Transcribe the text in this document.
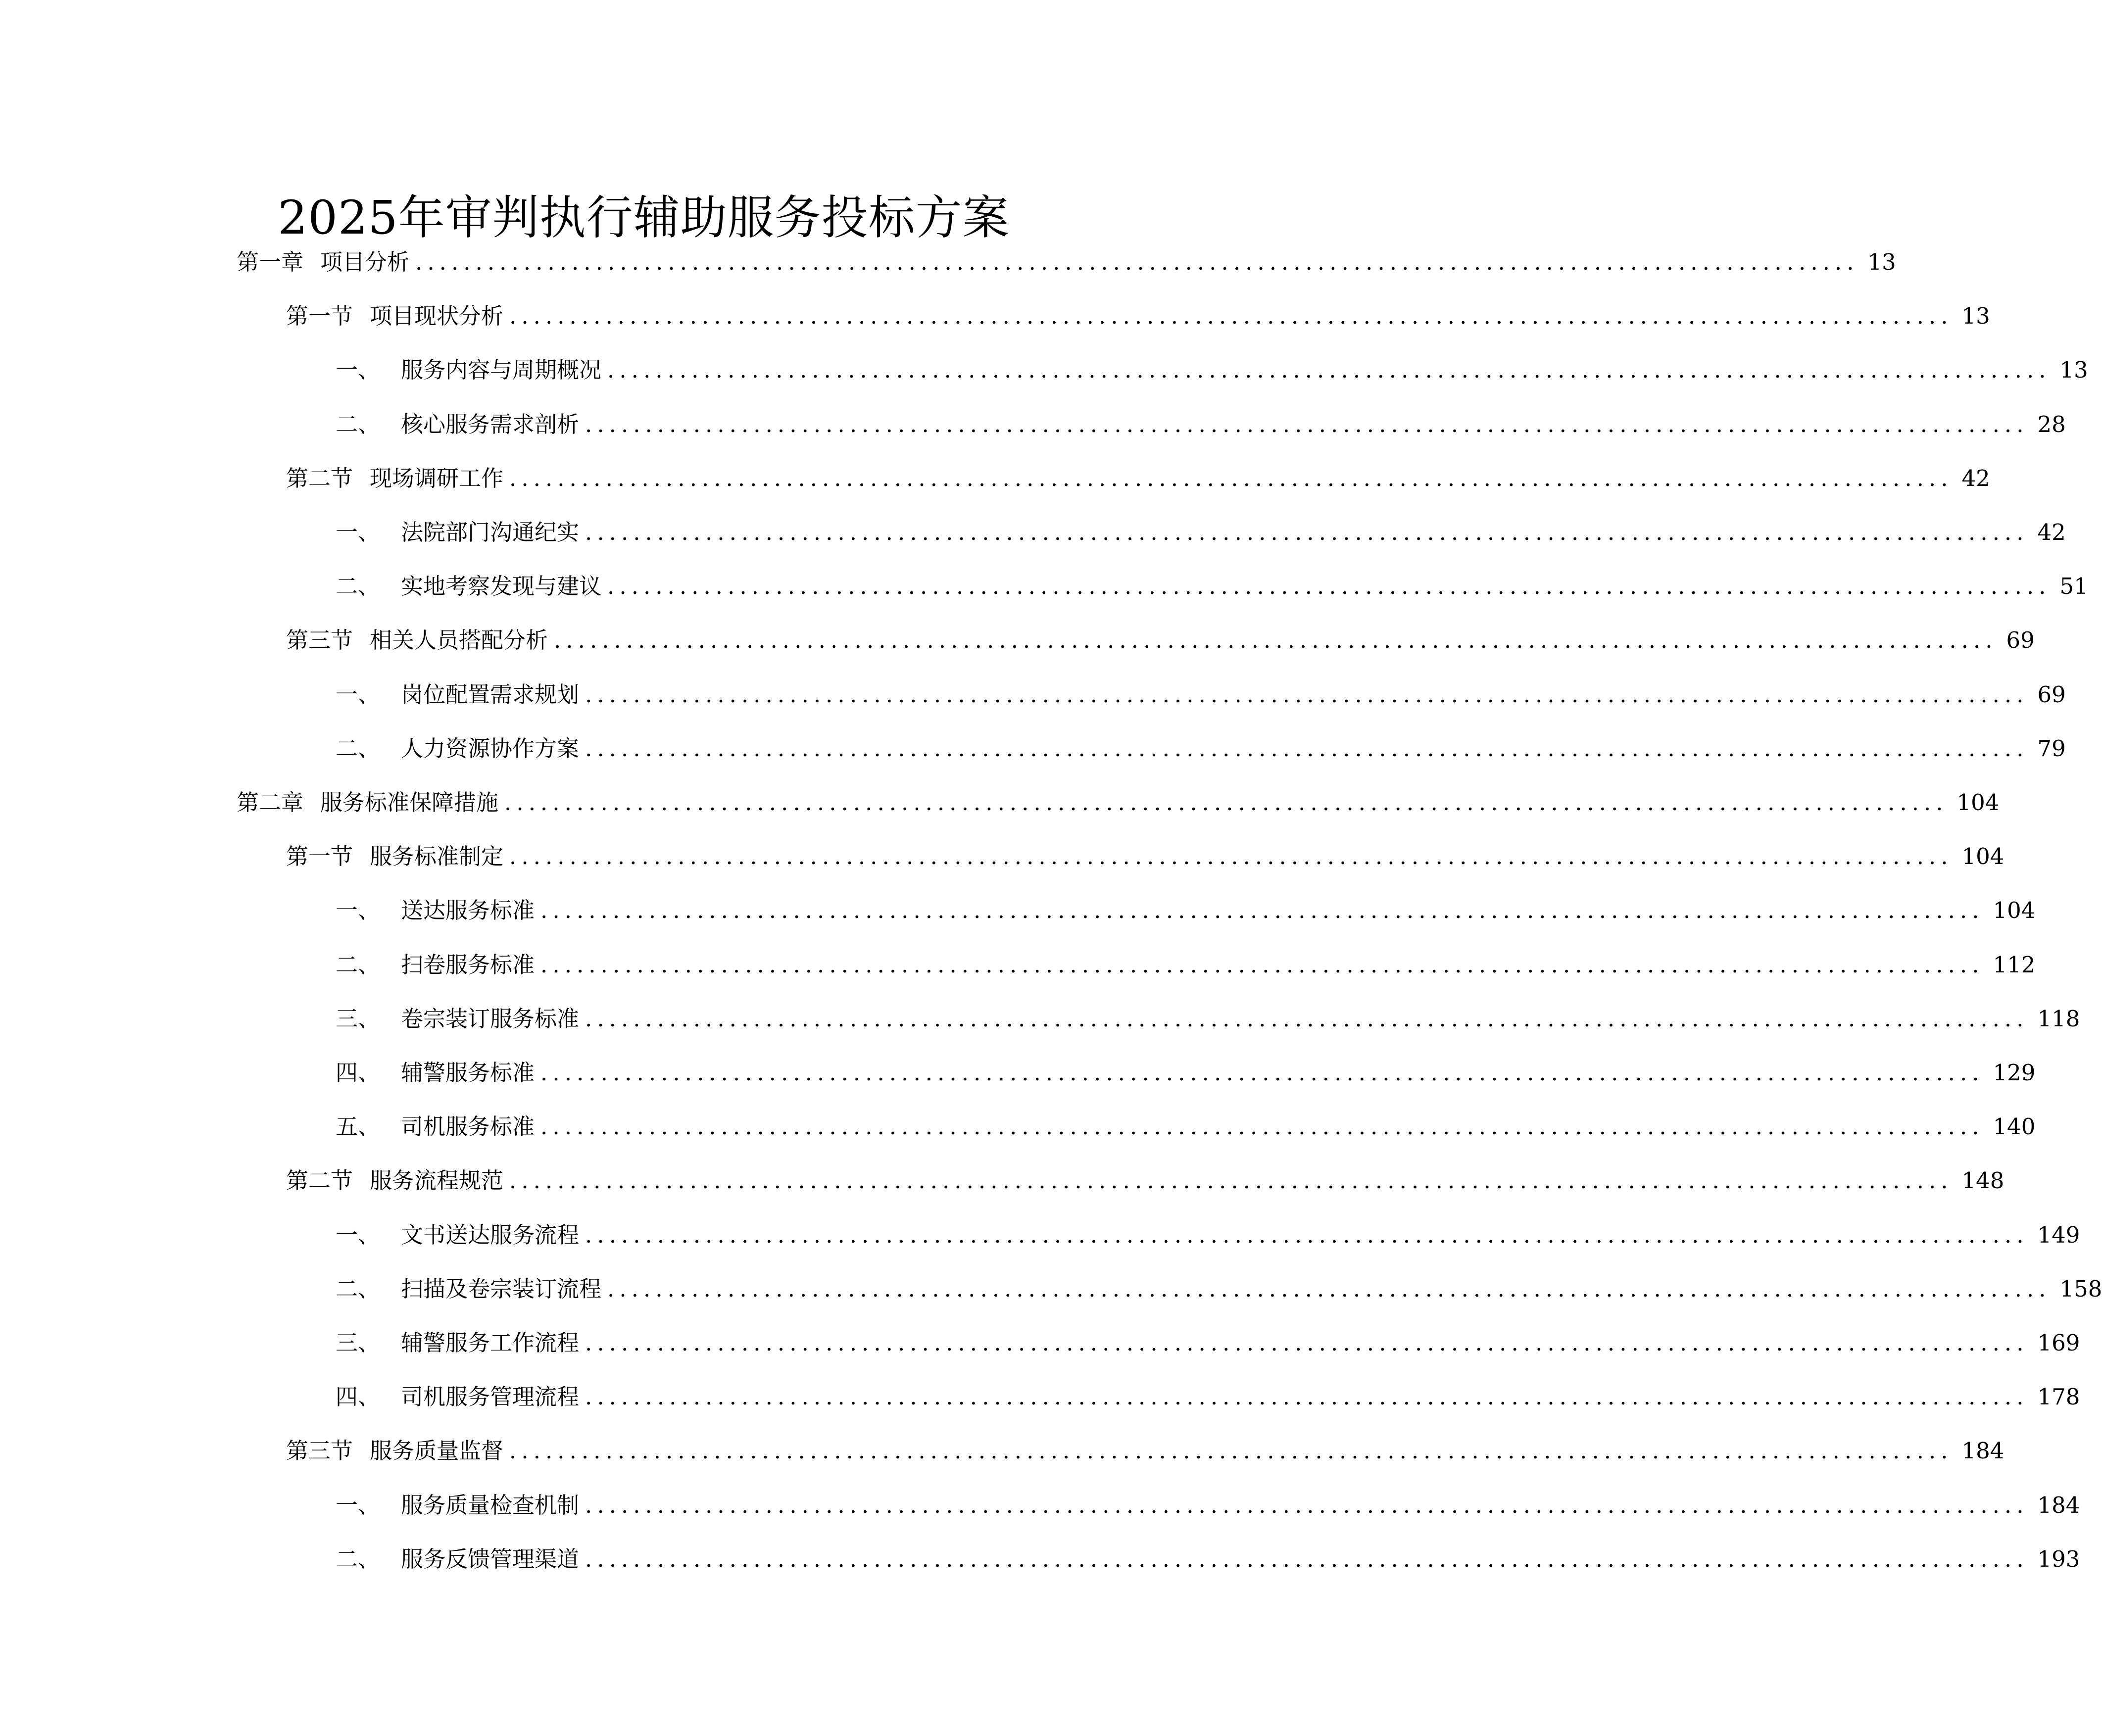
2025年审判执行辅助服务投标方案
第一章 项目分析 ........................................................................................................................ 13
第一节 项目现状分析 ........................................................................................................................ 13
一、 服务内容与周期概况 ........................................................................................................................ 13
二、 核心服务需求剖析 ........................................................................................................................ 28
第二节 现场调研工作 ........................................................................................................................ 42
一、 法院部门沟通纪实 ........................................................................................................................ 42
二、 实地考察发现与建议 ........................................................................................................................ 51
第三节 相关人员搭配分析 ........................................................................................................................ 69
一、 岗位配置需求规划 ........................................................................................................................ 69
二、 人力资源协作方案 ........................................................................................................................ 79
第二章 服务标准保障措施 ........................................................................................................................ 104
第一节 服务标准制定 ........................................................................................................................ 104
一、 送达服务标准 ........................................................................................................................ 104
二、 扫卷服务标准 ........................................................................................................................ 112
三、 卷宗装订服务标准 ........................................................................................................................ 118
四、 辅警服务标准 ........................................................................................................................ 129
五、 司机服务标准 ........................................................................................................................ 140
第二节 服务流程规范 ........................................................................................................................ 148
一、 文书送达服务流程 ........................................................................................................................ 149
二、 扫描及卷宗装订流程 ........................................................................................................................ 158
三、 辅警服务工作流程 ........................................................................................................................ 169
四、 司机服务管理流程 ........................................................................................................................ 178
第三节 服务质量监督 ........................................................................................................................ 184
一、 服务质量检查机制 ........................................................................................................................ 184
二、 服务反馈管理渠道 ........................................................................................................................ 193
